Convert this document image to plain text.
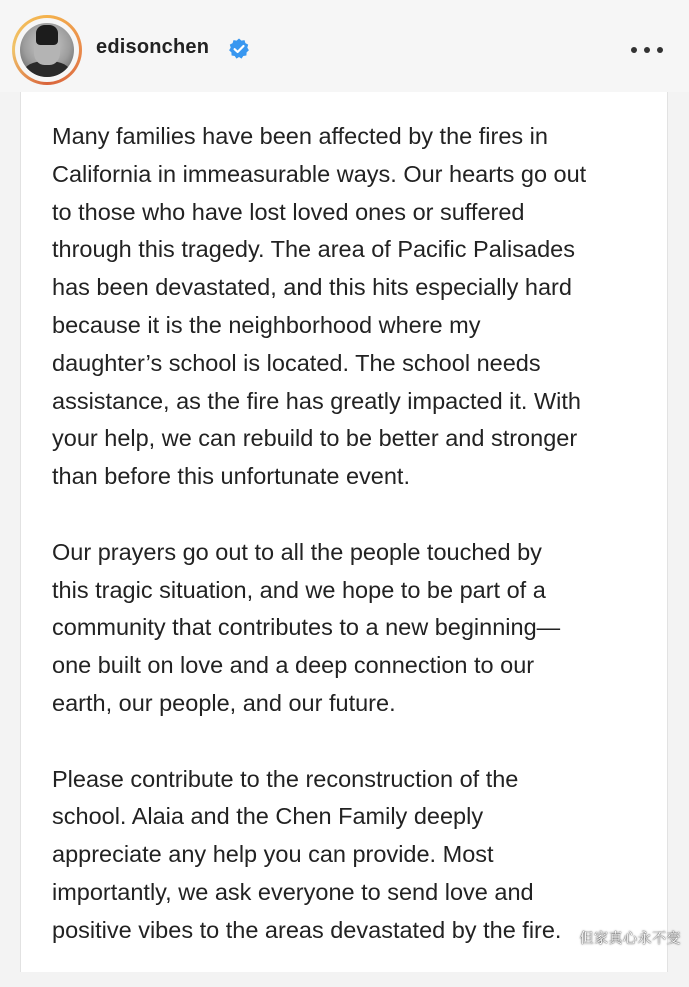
edisonchen

Many families have been affected by the fires in
California in immeasurable ways. Our hearts go out
to those who have lost loved ones or suffered
through this tragedy. The area of Pacific Palisades
has been devastated, and this hits especially hard
because it is the neighborhood where my
daughter’s school is located. The school needs
assistance, as the fire has greatly impacted it. With
your help, we can rebuild to be better and stronger
than before this unfortunate event.

Our prayers go out to all the people touched by
this tragic situation, and we hope to be part of a
community that contributes to a new beginning—
one built on love and a deep connection to our
earth, our people, and our future.

Please contribute to the reconstruction of the
school. Alaia and the Chen Family deeply
appreciate any help you can provide. Most
importantly, we ask everyone to send love and
positive vibes to the areas devastated by the fire.	但家真心永不变
